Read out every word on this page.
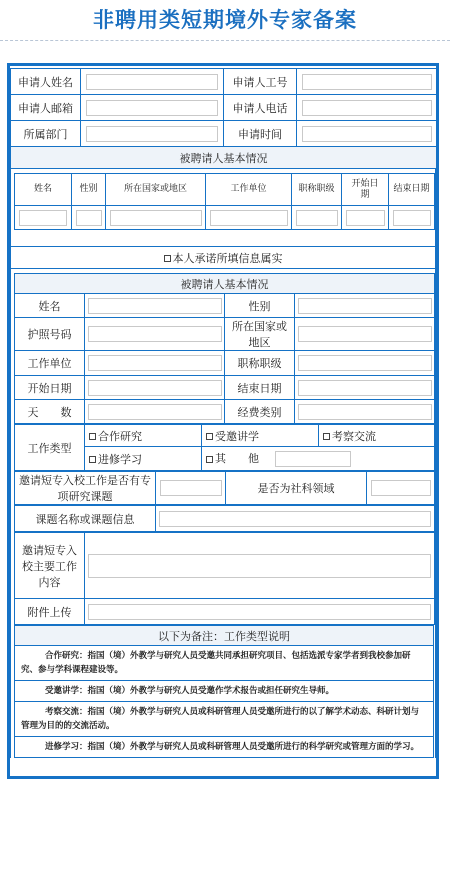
非聘用类短期境外专家备案
申请人姓名		申请人工号	

申请人邮箱		申请人电话	

所属部门		申请时间	

被聘请人基本情况			
姓名	性别	所在国家或地区	工作单位	职称职级	开始日期	结束日期

本人承诺所填信息属实
被聘请人基本情况			
姓名		性别	

护照号码		所在国家或地区	

工作单位		职称职级	

开始日期		结束日期	

天　　数		经费类别	
工作类型	合作研究	受邀讲学	考察交流
	进修学习	其　　他	
邀请短专入校工作是否有专项研究课题	
	是否为社科领域	
课题名称或课题信息	
邀请短专入校主要工作内容	

附件上传	
以下为备注：工作类型说明
合作研究：指国（境）外教学与研究人员受邀共同承担研究项目、包括选派专家学者到我校参加研究、参与学科课程建设等。
受邀讲学：指国（境）外教学与研究人员受邀作学术报告或担任研究生导师。
考察交流：指国（境）外教学与研究人员或科研管理人员受邀所进行的以了解学术动态、科研计划与管理为目的的交流活动。
进修学习：指国（境）外教学与研究人员或科研管理人员受邀所进行的科学研究或管理方面的学习。
